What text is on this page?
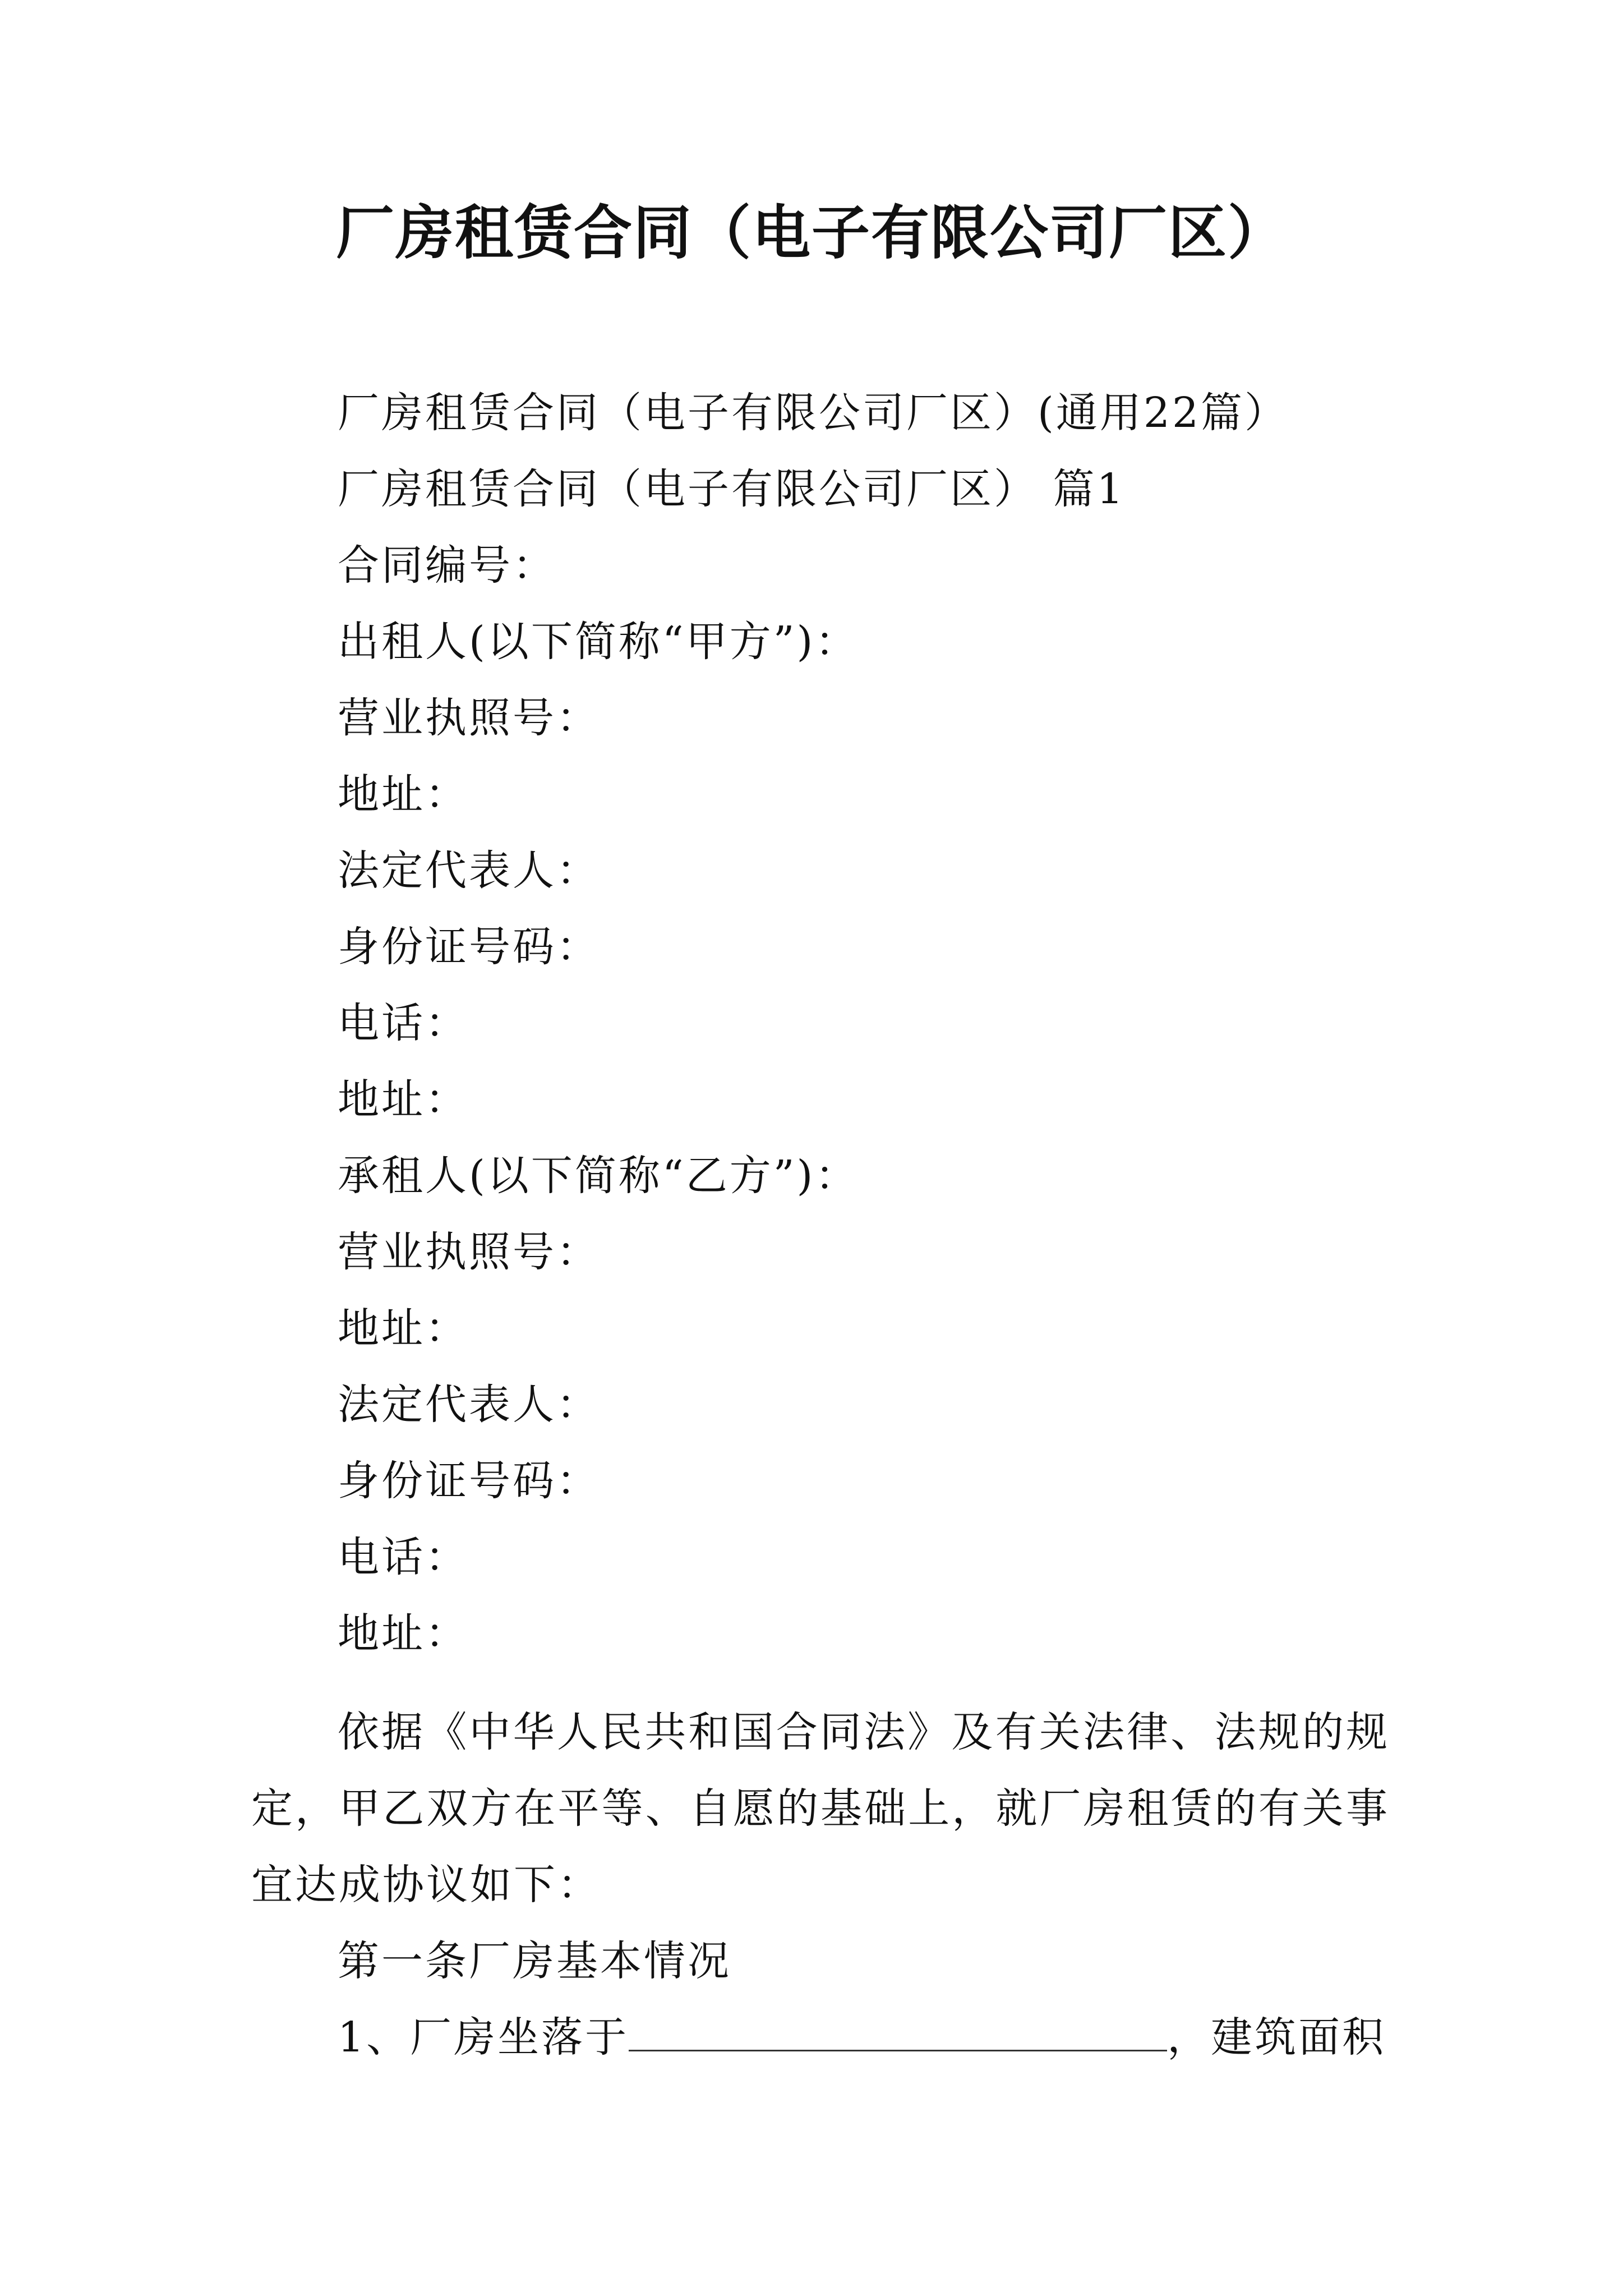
厂房租赁合同（电子有限公司厂区）
厂房租赁合同（电子有限公司厂区）(通用22篇）
厂房租赁合同（电子有限公司厂区） 篇1
合同编号：
出租人(以下简称“甲方”)：
营业执照号：
地址：
法定代表人：
身份证号码：
电话：
地址：
承租人(以下简称“乙方”)：
营业执照号：
地址：
法定代表人：
身份证号码：
电话：
地址：

依据《中华人民共和国合同法》及有关法律、法规的规定，甲乙双方在平等、自愿的基础上，就厂房租赁的有关事宜达成协议如下：

第一条厂房基本情况
1、厂房坐落于	，建筑面积
